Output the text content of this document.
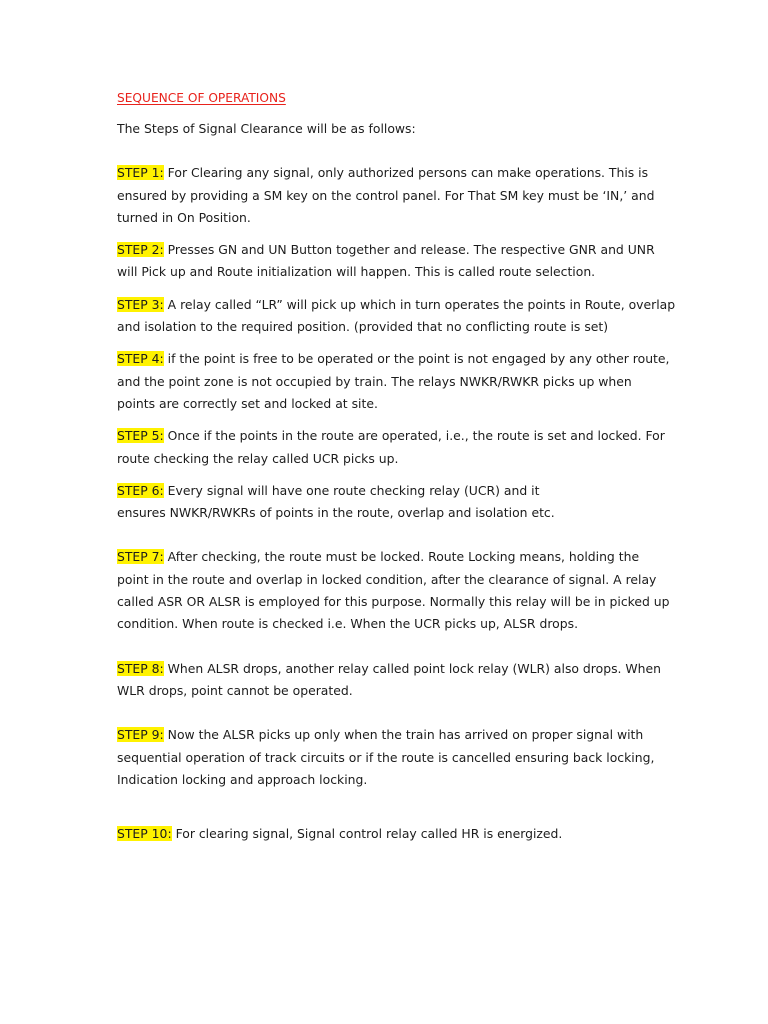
SEQUENCE OF OPERATIONS

The Steps of Signal Clearance will be as follows:

STEP 1: For Clearing any signal, only authorized persons can make operations. This is
ensured by providing a SM key on the control panel. For That SM key must be ‘IN,’ and
turned in On Position.
STEP 2: Presses GN and UN Button together and release. The respective GNR and UNR
will Pick up and Route initialization will happen. This is called route selection.
STEP 3: A relay called “LR” will pick up which in turn operates the points in Route, overlap
and isolation to the required position. (provided that no conflicting route is set)
STEP 4: if the point is free to be operated or the point is not engaged by any other route,
and the point zone is not occupied by train. The relays NWKR/RWKR picks up when
points are correctly set and locked at site.
STEP 5: Once if the points in the route are operated, i.e., the route is set and locked. For
route checking the relay called UCR picks up.
STEP 6: Every signal will have one route checking relay (UCR) and it
ensures NWKR/RWKRs of points in the route, overlap and isolation etc.
STEP 7: After checking, the route must be locked. Route Locking means, holding the
point in the route and overlap in locked condition, after the clearance of signal. A relay
called ASR OR ALSR is employed for this purpose. Normally this relay will be in picked up
condition. When route is checked i.e. When the UCR picks up, ALSR drops.
STEP 8: When ALSR drops, another relay called point lock relay (WLR) also drops. When
WLR drops, point cannot be operated.
STEP 9: Now the ALSR picks up only when the train has arrived on proper signal with
sequential operation of track circuits or if the route is cancelled ensuring back locking,
Indication locking and approach locking.
STEP 10: For clearing signal, Signal control relay called HR is energized.
